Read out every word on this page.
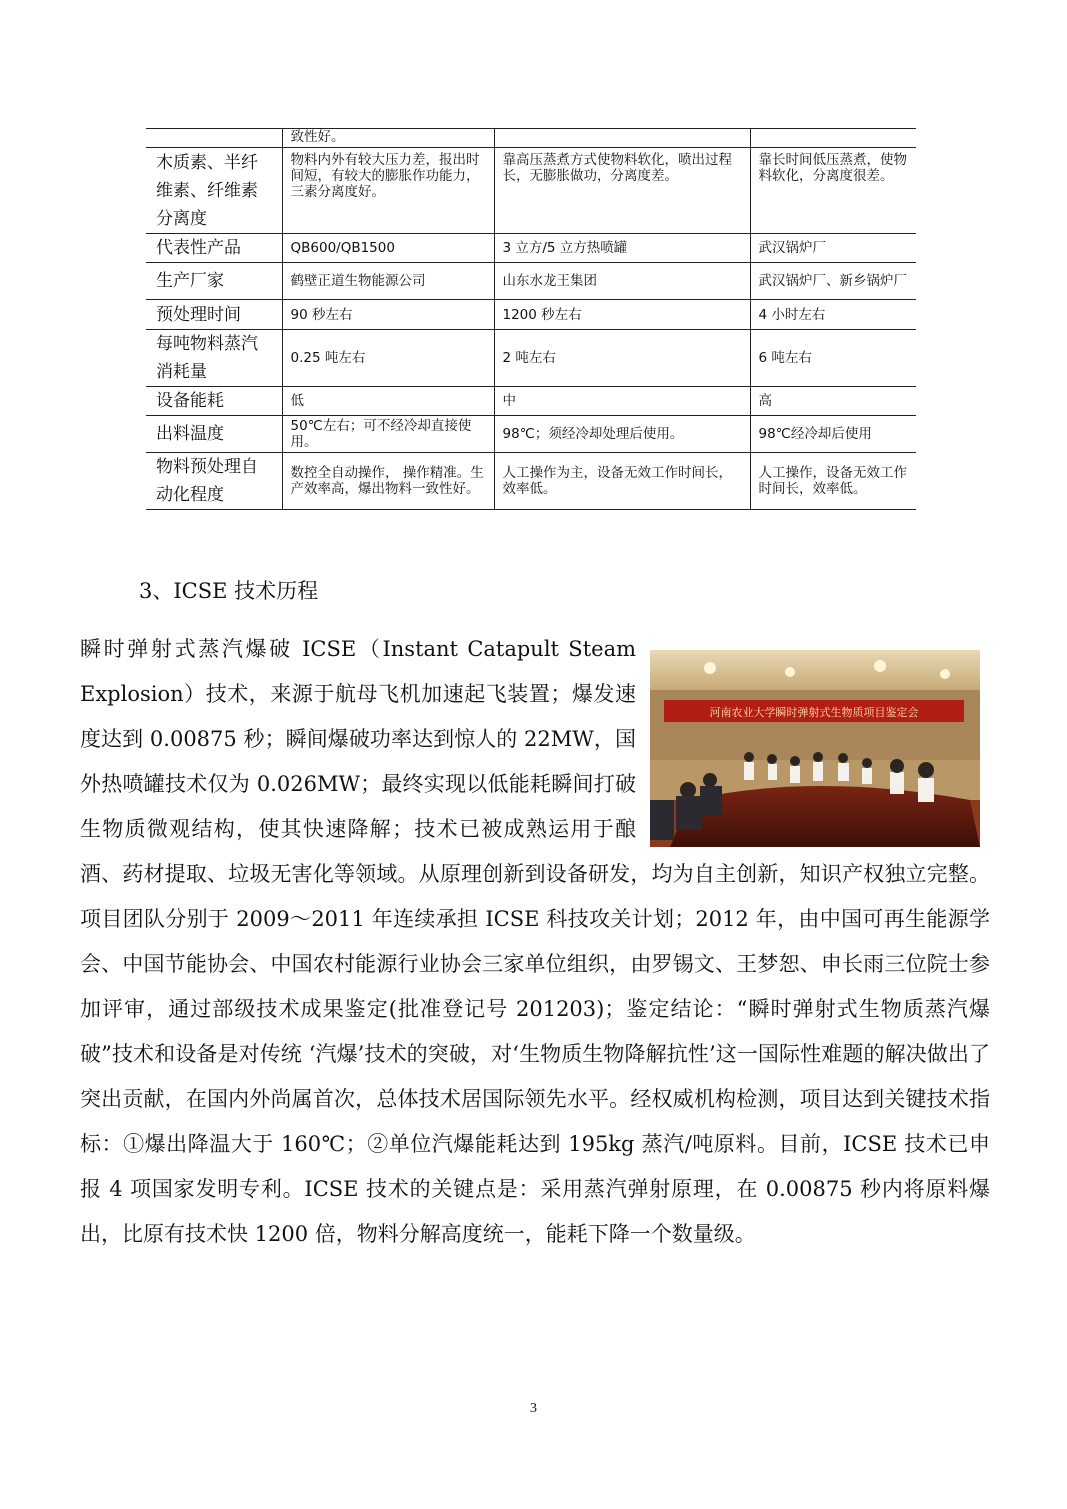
	致性好。		
木质素、半纤维素、纤维素分离度	物料内外有较大压力差，报出时间短，有较大的膨胀作功能力，三素分离度好。	靠高压蒸煮方式使物料软化，喷出过程长，无膨胀做功，分离度差。	靠长时间低压蒸煮，使物料软化，分离度很差。
代表性产品	QB600/QB1500	3 立方/5 立方热喷罐	武汉锅炉厂
生产厂家	鹤壁正道生物能源公司	山东水龙王集团	武汉锅炉厂、新乡锅炉厂
预处理时间	90 秒左右	1200 秒左右	4 小时左右
每吨物料蒸汽消耗量	0.25 吨左右	2 吨左右	6 吨左右
设备能耗	低	中	高
出料温度	50℃左右；可不经冷却直接使用。	98℃；须经冷却处理后使用。	98℃经冷却后使用
物料预处理自动化程度	数控全自动操作， 操作精准。生产效率高，爆出物料一致性好。	人工操作为主，设备无效工作时间长，效率低。	人工操作，设备无效工作时间长，效率低。
3、ICSE 技术历程
河南农业大学瞬时弹射式生物质项目鉴定会
瞬时弹射式蒸汽爆破 ICSE（Instant Catapult Steam Explosion）技术，来源于航母飞机加速起飞装置；爆发速度达到 0.00875 秒；瞬间爆破功率达到惊人的 22MW，国外热喷罐技术仅为 0.026MW；最终实现以低能耗瞬间打破生物质微观结构，使其快速降解；技术已被成熟运用于酿酒、药材提取、垃圾无害化等领域。从原理创新到设备研发，均为自主创新，知识产权独立完整。项目团队分别于 2009～2011 年连续承担 ICSE 科技攻关计划；2012 年，由中国可再生能源学会、中国节能协会、中国农村能源行业协会三家单位组织，由罗锡文、王梦恕、申长雨三位院士参加评审，通过部级技术成果鉴定(批准登记号 201203)；鉴定结论：“瞬时弹射式生物质蒸汽爆破”技术和设备是对传统 ‘汽爆’技术的突破，对‘生物质生物降解抗性’这一国际性难题的解决做出了突出贡献，在国内外尚属首次，总体技术居国际领先水平。经权威机构检测，项目达到关键技术指标：①爆出降温大于 160℃；②单位汽爆能耗达到 195kg 蒸汽/吨原料。目前，ICSE 技术已申报 4 项国家发明专利。ICSE 技术的关键点是：采用蒸汽弹射原理，在 0.00875 秒内将原料爆出，比原有技术快 1200 倍，物料分解高度统一，能耗下降一个数量级。
3
